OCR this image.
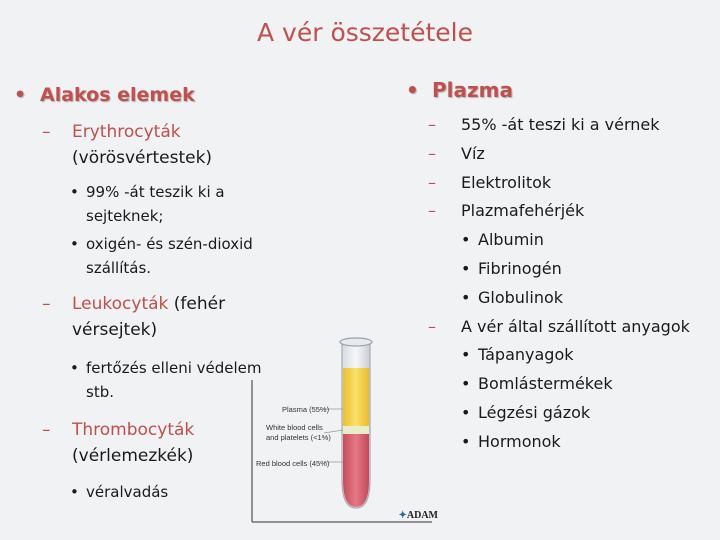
A vér összetétele
• Alakos elemek
– Erythrocyták
(vörösvértestek)
• 99% -át teszik ki a sejteknek;
• oxigén- és szén-dioxid szállítás.
– Leukocyták (fehér vérsejtek)
• fertőzés elleni védelem stb.
– Thrombocyták
(vérlemezkék)
• véralvadás
• Plazma
– 55% -át teszi ki a vérnek
– Víz
– Elektrolitok
– Plazmafehérjék
• Albumin
• Fibrinogén
• Globulinok
– A vér által szállított anyagok
• Tápanyagok
• Bomlástermékek
• Légzési gázok
• Hormonok
Plasma (55%)
White blood cells
and platelets (<1%)
Red blood cells (45%)
✦ADAM
